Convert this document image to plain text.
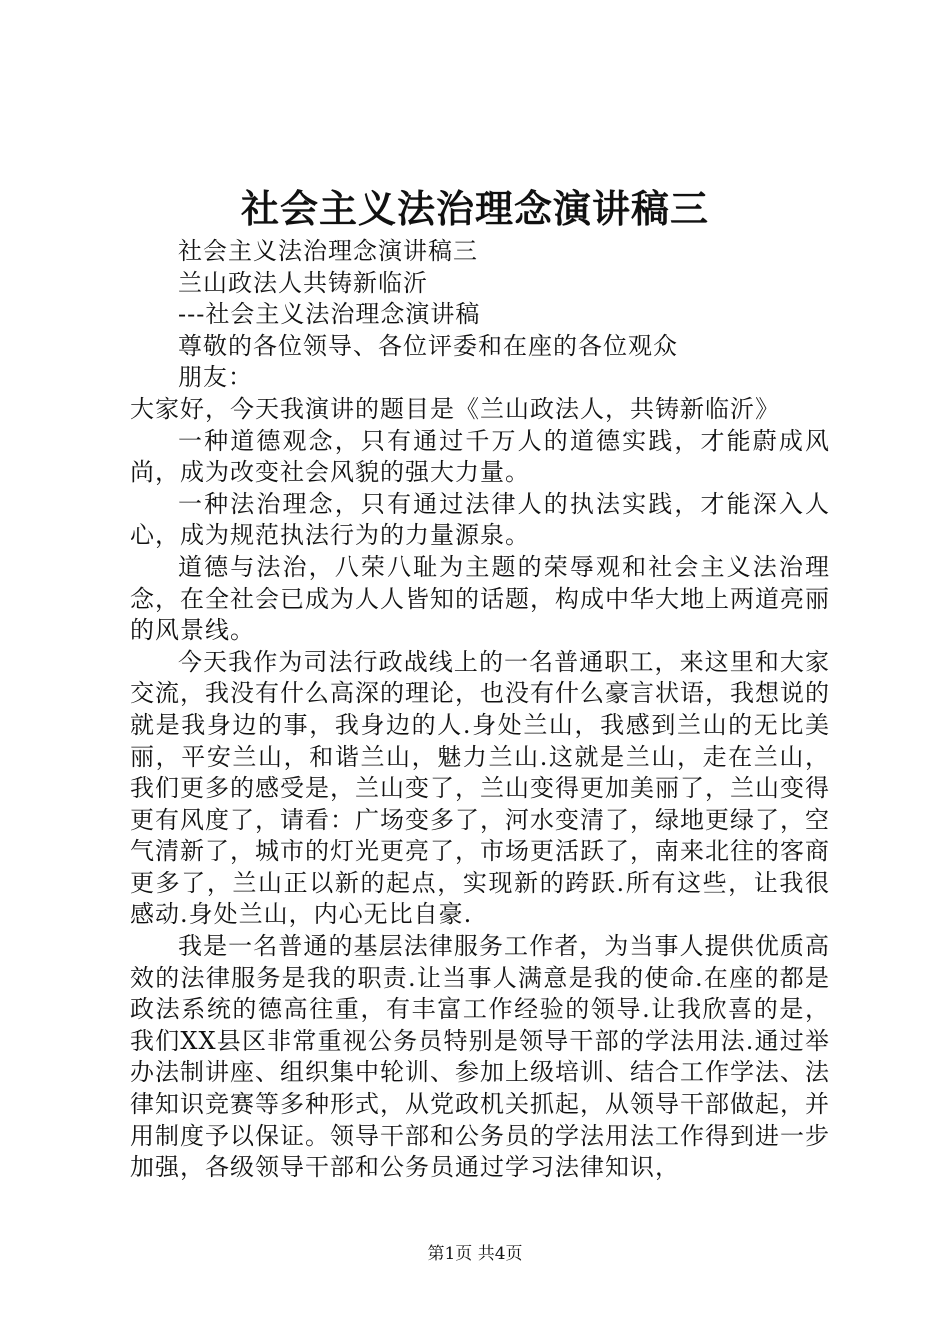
社会主义法治理念演讲稿三

社会主义法治理念演讲稿三

兰山政法人共铸新临沂

---社会主义法治理念演讲稿

尊敬的各位领导、各位评委和在座的各位观众

朋友：

大家好，今天我演讲的题目是《兰山政法人，共铸新临沂》

一种道德观念，只有通过千万人的道德实践，才能蔚成风尚，成为改变社会风貌的强大力量。

一种法治理念，只有通过法律人的执法实践，才能深入人心，成为规范执法行为的力量源泉。

道德与法治，八荣八耻为主题的荣辱观和社会主义法治理念，在全社会已成为人人皆知的话题，构成中华大地上两道亮丽的风景线。

今天我作为司法行政战线上的一名普通职工，来这里和大家交流，我没有什么高深的理论，也没有什么豪言状语，我想说的就是我身边的事，我身边的人.身处兰山，我感到兰山的无比美丽，平安兰山，和谐兰山，魅力兰山.这就是兰山，走在兰山，我们更多的感受是，兰山变了，兰山变得更加美丽了，兰山变得更有风度了，请看：广场变多了，河水变清了，绿地更绿了，空气清新了，城市的灯光更亮了，市场更活跃了，南来北往的客商更多了，兰山正以新的起点，实现新的跨跃.所有这些，让我很感动.身处兰山，内心无比自豪.

我是一名普通的基层法律服务工作者，为当事人提供优质高效的法律服务是我的职责.让当事人满意是我的使命.在座的都是政法系统的德高往重，有丰富工作经验的领导.让我欣喜的是，我们XX县区非常重视公务员特别是领导干部的学法用法.通过举办法制讲座、组织集中轮训、参加上级培训、结合工作学法、法律知识竞赛等多种形式，从党政机关抓起，从领导干部做起，并用制度予以保证。领导干部和公务员的学法用法工作得到进一步加强，各级领导干部和公务员通过学习法律知识，

第1页 共4页
